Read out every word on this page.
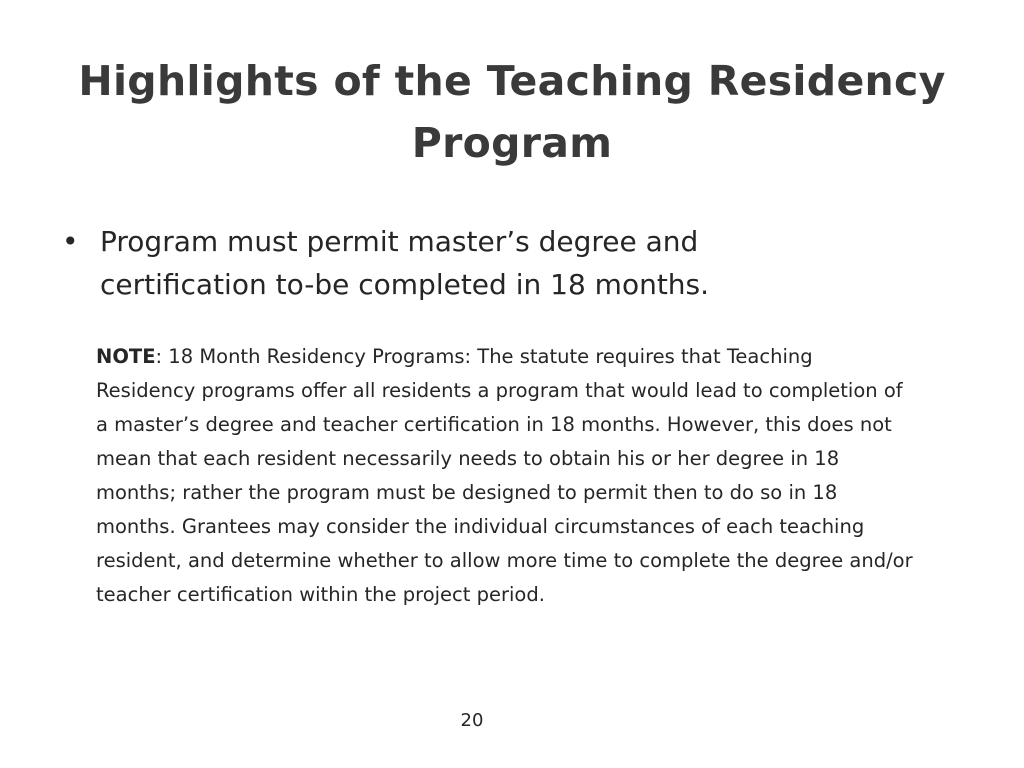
Highlights of the Teaching Residency Program
• Program must permit master’s degree and certification to-be completed in 18 months.
NOTE: 18 Month Residency Programs: The statute requires that Teaching Residency programs offer all residents a program that would lead to completion of a master’s degree and teacher certification in 18 months. However, this does not mean that each resident necessarily needs to obtain his or her degree in 18 months; rather the program must be designed to permit then to do so in 18 months. Grantees may consider the individual circumstances of each teaching resident, and determine whether to allow more time to complete the degree and/or teacher certification within the project period.
20
